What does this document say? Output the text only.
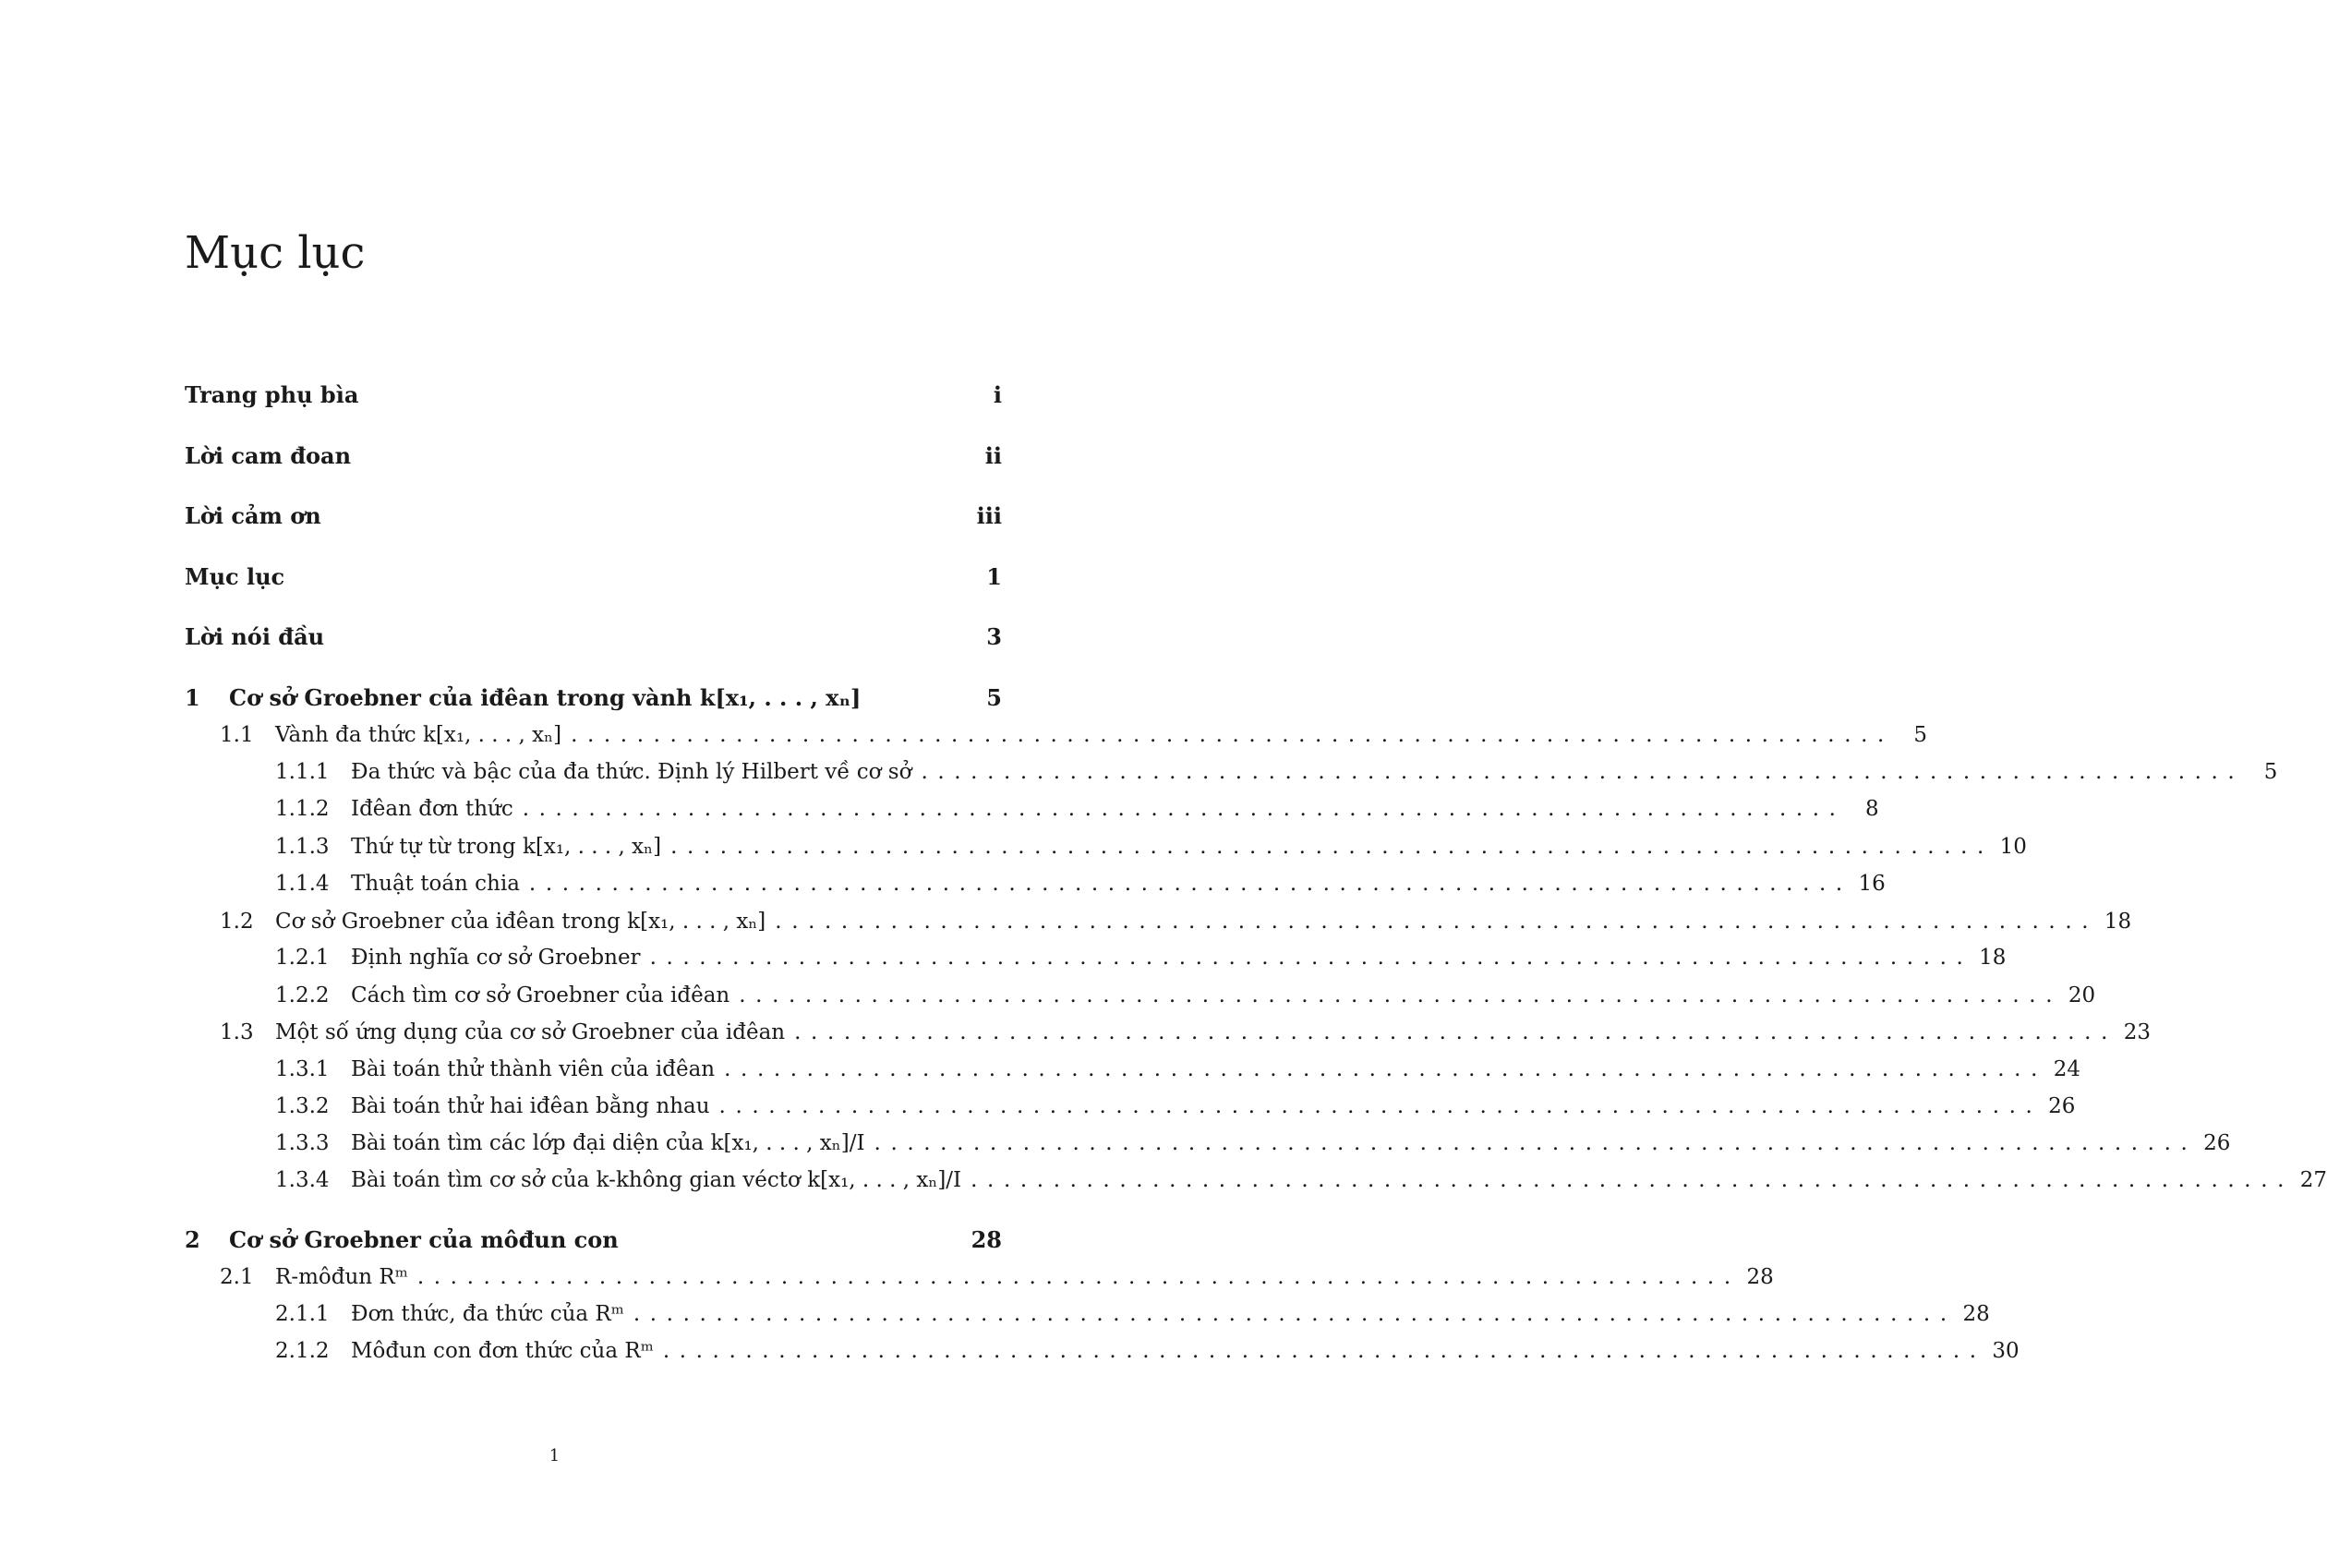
Mục lục
Trang phụ bìa	i
Lời cam đoan	ii
Lời cảm ơn	iii
Mục lục	1
Lời nói đầu	3
1	Cơ sở Groebner của iđêan trong vành k[x₁, . . . , xₙ]	5
1.1	Vành đa thức k[x₁, . . . , xₙ] ................................................................................ 5
1.1.1	Đa thức và bậc của đa thức. Định lý Hilbert về cơ sở ................................................................................ 5
1.1.2	Iđêan đơn thức ................................................................................ 8
1.1.3	Thứ tự từ trong k[x₁, . . . , xₙ] ................................................................................ 10
1.1.4	Thuật toán chia ................................................................................ 16
1.2	Cơ sở Groebner của iđêan trong k[x₁, . . . , xₙ] ................................................................................ 18
1.2.1	Định nghĩa cơ sở Groebner ................................................................................ 18
1.2.2	Cách tìm cơ sở Groebner của iđêan ................................................................................ 20
1.3	Một số ứng dụng của cơ sở Groebner của iđêan ................................................................................ 23
1.3.1	Bài toán thử thành viên của iđêan ................................................................................ 24
1.3.2	Bài toán thử hai iđêan bằng nhau ................................................................................ 26
1.3.3	Bài toán tìm các lớp đại diện của k[x₁, . . . , xₙ]/I ................................................................................ 26
1.3.4	Bài toán tìm cơ sở của k-không gian véctơ k[x₁, . . . , xₙ]/I ................................................................................ 27
2	Cơ sở Groebner của môđun con	28
2.1	R-môđun Rᵐ ................................................................................ 28
2.1.1	Đơn thức, đa thức của Rᵐ ................................................................................ 28
2.1.2	Môđun con đơn thức của Rᵐ ................................................................................ 30
1
